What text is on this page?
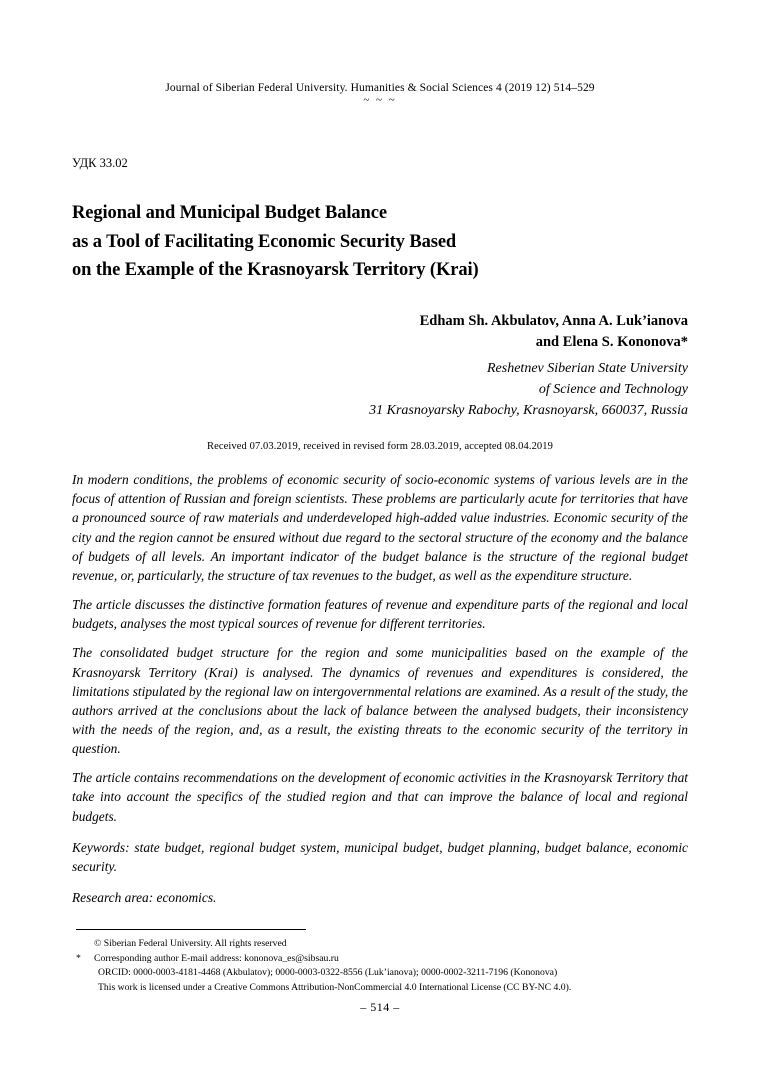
Journal of Siberian Federal University. Humanities & Social Sciences 4 (2019 12) 514–529
~ ~ ~
УДК 33.02
Regional and Municipal Budget Balance
as a Tool of Facilitating Economic Security Based
on the Example of the Krasnoyarsk Territory (Krai)
Edham Sh. Akbulatov, Anna A. Luk’ianova
and Elena S. Kononova*
Reshetnev Siberian State University
of Science and Technology
31 Krasnoyarsky Rabochy, Krasnoyarsk, 660037, Russia
Received 07.03.2019, received in revised form 28.03.2019, accepted 08.04.2019

In modern conditions, the problems of economic security of socio-economic systems of various levels are in the focus of attention of Russian and foreign scientists. These problems are particularly acute for territories that have a pronounced source of raw materials and underdeveloped high-added value industries. Economic security of the city and the region cannot be ensured without due regard to the sectoral structure of the economy and the balance of budgets of all levels. An important indicator of the budget balance is the structure of the regional budget revenue, or, particularly, the structure of tax revenues to the budget, as well as the expenditure structure.

The article discusses the distinctive formation features of revenue and expenditure parts of the regional and local budgets, analyses the most typical sources of revenue for different territories.

The consolidated budget structure for the region and some municipalities based on the example of the Krasnoyarsk Territory (Krai) is analysed. The dynamics of revenues and expenditures is considered, the limitations stipulated by the regional law on intergovernmental relations are examined. As a result of the study, the authors arrived at the conclusions about the lack of balance between the analysed budgets, their inconsistency with the needs of the region, and, as a result, the existing threats to the economic security of the territory in question.

The article contains recommendations on the development of economic activities in the Krasnoyarsk Territory that take into account the specifics of the studied region and that can improve the balance of local and regional budgets.

Keywords: state budget, regional budget system, municipal budget, budget planning, budget balance, economic security.
Research area: economics.
© Siberian Federal University. All rights reserved
*	Corresponding author E-mail address: kononova_es@sibsau.ru
ORCID: 0000-0003-4181-4468 (Akbulatov); 0000-0003-0322-8556 (Luk’ianova); 0000-0002-3211-7196 (Kononova)
This work is licensed under a Creative Commons Attribution-NonCommercial 4.0 International License (CC BY-NC 4.0).
– 514 –
